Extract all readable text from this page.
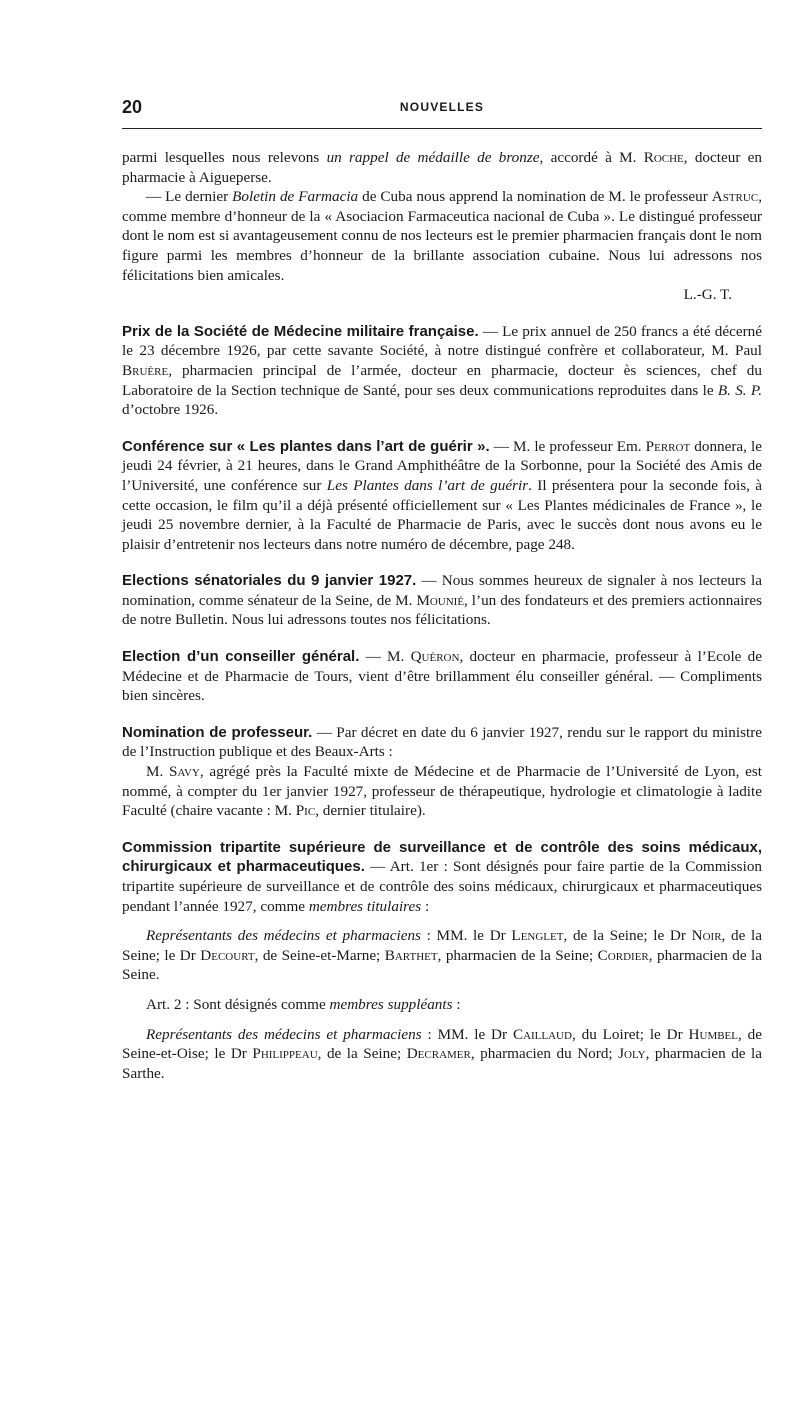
20	NOUVELLES

parmi lesquelles nous relevons un rappel de médaille de bronze, accordé à M. Roche, docteur en pharmacie à Aigueperse.

— Le dernier Boletin de Farmacia de Cuba nous apprend la nomination de M. le professeur Astruc, comme membre d’honneur de la « Asociacion Farmaceutica nacional de Cuba ». Le distingué professeur dont le nom est si avantageusement connu de nos lecteurs est le premier pharmacien français dont le nom figure parmi les membres d’honneur de la brillante association cubaine. Nous lui adressons nos félicitations bien amicales.

L.-G. T.

Prix de la Société de Médecine militaire française. — Le prix annuel de 250 francs a été décerné le 23 décembre 1926, par cette savante Société, à notre distingué confrère et collaborateur, M. Paul Bruère, pharmacien principal de l’armée, docteur en pharmacie, docteur ès sciences, chef du Laboratoire de la Section technique de Santé, pour ses deux communications reproduites dans le B. S. P. d’octobre 1926.

Conférence sur « Les plantes dans l’art de guérir ». — M. le professeur Em. Perrot donnera, le jeudi 24 février, à 21 heures, dans le Grand Amphithéâtre de la Sorbonne, pour la Société des Amis de l’Université, une conférence sur Les Plantes dans l’art de guérir. Il présentera pour la seconde fois, à cette occasion, le film qu’il a déjà présenté officiellement sur « Les Plantes médicinales de France », le jeudi 25 novembre dernier, à la Faculté de Pharmacie de Paris, avec le succès dont nous avons eu le plaisir d’entretenir nos lecteurs dans notre numéro de décembre, page 248.

Elections sénatoriales du 9 janvier 1927. — Nous sommes heureux de signaler à nos lecteurs la nomination, comme sénateur de la Seine, de M. Mounié, l’un des fondateurs et des premiers actionnaires de notre Bulletin. Nous lui adressons toutes nos félicitations.

Election d’un conseiller général. — M. Quéron, docteur en pharmacie, professeur à l’Ecole de Médecine et de Pharmacie de Tours, vient d’être brillamment élu conseiller général. — Compliments bien sincères.

Nomination de professeur. — Par décret en date du 6 janvier 1927, rendu sur le rapport du ministre de l’Instruction publique et des Beaux-Arts :

M. Savy, agrégé près la Faculté mixte de Médecine et de Pharmacie de l’Université de Lyon, est nommé, à compter du 1er janvier 1927, professeur de thérapeutique, hydrologie et climatologie à ladite Faculté (chaire vacante : M. Pic, dernier titulaire).

Commission tripartite supérieure de surveillance et de contrôle des soins médicaux, chirurgicaux et pharmaceutiques. — Art. 1er : Sont désignés pour faire partie de la Commission tripartite supérieure de surveillance et de contrôle des soins médicaux, chirurgicaux et pharmaceutiques pendant l’année 1927, comme membres titulaires :

Représentants des médecins et pharmaciens : MM. le Dr Lenglet, de la Seine; le Dr Noir, de la Seine; le Dr Decourt, de Seine-et-Marne; Barthet, pharmacien de la Seine; Cordier, pharmacien de la Seine.

Art. 2 : Sont désignés comme membres suppléants :

Représentants des médecins et pharmaciens : MM. le Dr Caillaud, du Loiret; le Dr Humbel, de Seine-et-Oise; le Dr Philippeau, de la Seine; Decramer, pharmacien du Nord; Joly, pharmacien de la Sarthe.
